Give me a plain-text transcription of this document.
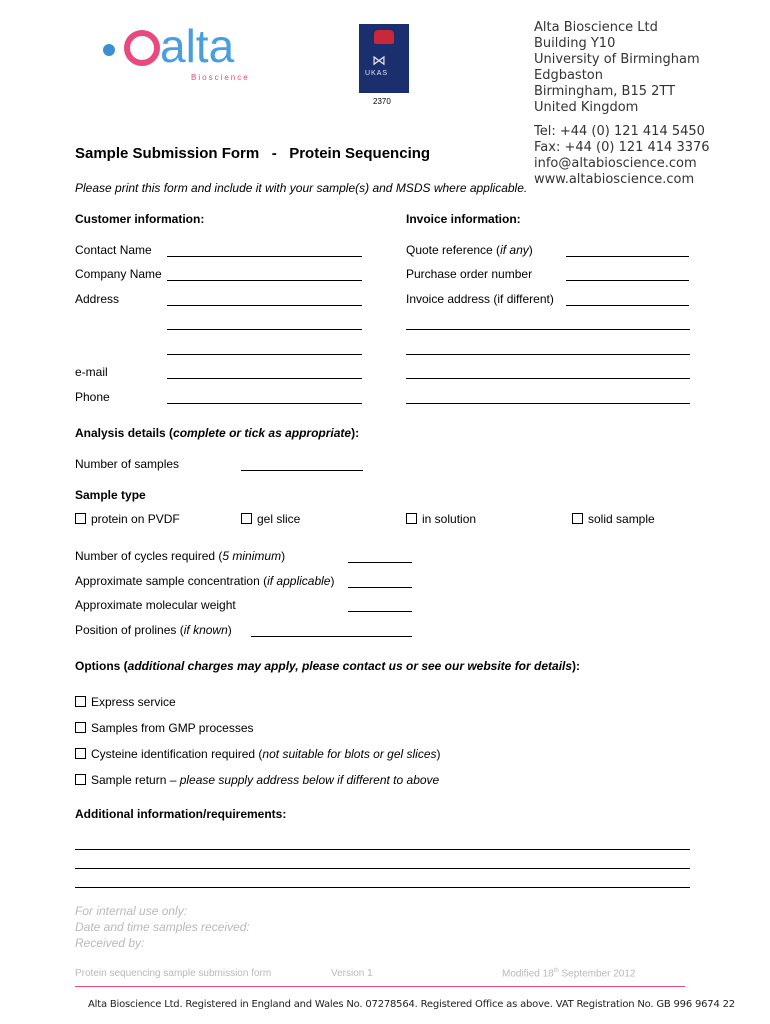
alta
Bioscience
⋈
UKAS
2370
Alta Bioscience Ltd
Building Y10
University of Birmingham
Edgbaston
Birmingham, B15 2TT
United Kingdom
Tel: +44 (0) 121 414 5450
Fax: +44 (0) 121 414 3376
info@altabioscience.com
www.altabioscience.com
Sample Submission Form   -   Protein Sequencing
Please print this form and include it with your sample(s) and MSDS where applicable.
Customer information:	Invoice information:
Contact Name
Company Name
Address
e-mail
Phone
Quote reference (if any)
Purchase order number
Invoice address (if different)
Analysis details (complete or tick as appropriate):
Number of samples
Sample type
protein on PVDF	gel slice	in solution	solid sample
Number of cycles required (5 minimum)
Approximate sample concentration (if applicable)
Approximate molecular weight
Position of prolines (if known)
Options (additional charges may apply, please contact us or see our website for details):
Express service
Samples from GMP processes
Cysteine identification required (not suitable for blots or gel slices)
Sample return – please supply address below if different to above
Additional information/requirements:
For internal use only:
Date and time samples received:
Received by:
Protein sequencing sample submission form	Version 1	Modified 18th September 2012
Alta Bioscience Ltd. Registered in England and Wales No. 07278564. Registered Office as above. VAT Registration No. GB 996 9674 22
